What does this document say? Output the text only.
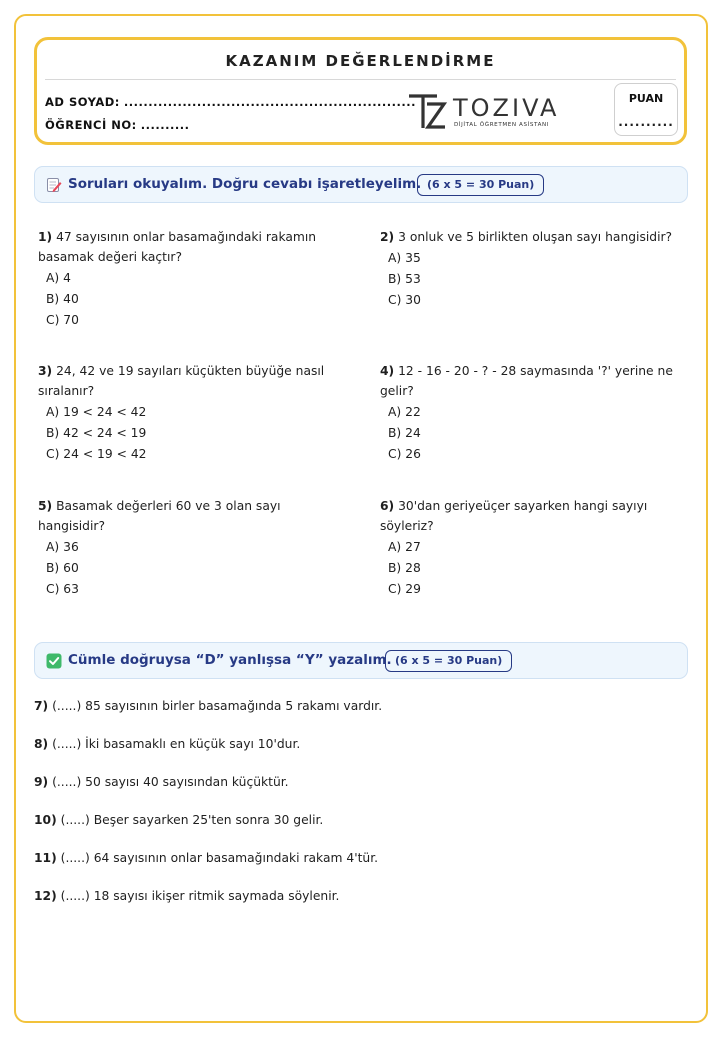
KAZANIM DEĞERLENDİRME
AD SOYAD: ............................................................
ÖĞRENCİ NO: ..........
TOZIVA
DİJİTAL ÖĞRETMEN ASİSTANI
PUAN
..........
Soruları okuyalım. Doğru cevabı işaretleyelim. (6 x 5 = 30 Puan)
1) 47 sayısının onlar basamağındaki rakamın basamak değeri kaçtır?
A) 4
B) 40
C) 70
2) 3 onluk ve 5 birlikten oluşan sayı hangisidir?
A) 35
B) 53
C) 30
3) 24, 42 ve 19 sayıları küçükten büyüğe nasıl sıralanır?
A) 19 < 24 < 42
B) 42 < 24 < 19
C) 24 < 19 < 42
4) 12 - 16 - 20 - ? - 28 saymasında '?' yerine ne gelir?
A) 22
B) 24
C) 26
5) Basamak değerleri 60 ve 3 olan sayı hangisidir?
A) 36
B) 60
C) 63
6) 30'dan geriyeüçer sayarken hangi sayıyı söyleriz?
A) 27
B) 28
C) 29
Cümle doğruysa “D” yanlışsa “Y” yazalım. (6 x 5 = 30 Puan)
7) (.....) 85 sayısının birler basamağında 5 rakamı vardır.
8) (.....) İki basamaklı en küçük sayı 10'dur.
9) (.....) 50 sayısı 40 sayısından küçüktür.
10) (.....) Beşer sayarken 25'ten sonra 30 gelir.
11) (.....) 64 sayısının onlar basamağındaki rakam 4'tür.
12) (.....) 18 sayısı ikişer ritmik saymada söylenir.
